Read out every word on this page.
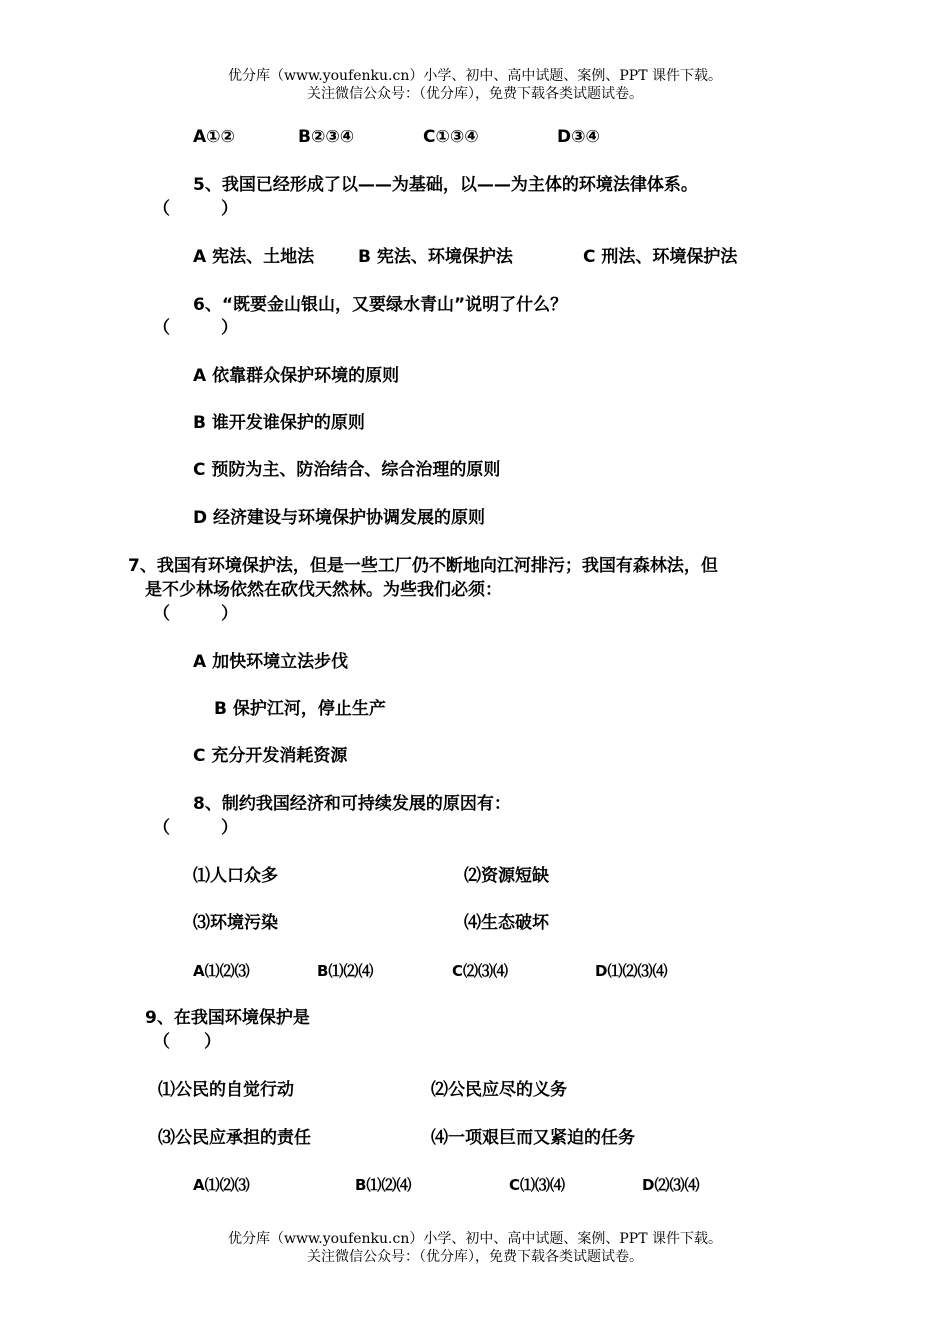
优分库（www.youfenku.cn）小学、初中、高中试题、案例、PPT 课件下载。
关注微信公众号：（优分库），免费下载各类试题试卷。
A①②	B②③④	C①③④	D③④
5、我国已经形成了以——为基础，以——为主体的环境法律体系。
（　　　）
A 宪法、土地法	B 宪法、环境保护法	C 刑法、环境保护法
6、“既要金山银山，又要绿水青山”说明了什么？
（　　　）
A 依靠群众保护环境的原则
B 谁开发谁保护的原则
C 预防为主、防治结合、综合治理的原则
D 经济建设与环境保护协调发展的原则
7、我国有环境保护法，但是一些工厂仍不断地向江河排污；我国有森林法，但
是不少林场依然在砍伐天然林。为些我们必须：
（　　　）
A 加快环境立法步伐
B 保护江河，停止生产
C 充分开发消耗资源
8、制约我国经济和可持续发展的原因有：
（　　　）
⑴人口众多	⑵资源短缺
⑶环境污染	⑷生态破坏
A⑴⑵⑶	B⑴⑵⑷	C⑵⑶⑷	D⑴⑵⑶⑷
9、在我国环境保护是
（　　）
⑴公民的自觉行动	⑵公民应尽的义务
⑶公民应承担的责任	⑷一项艰巨而又紧迫的任务
A⑴⑵⑶	B⑴⑵⑷	C⑴⑶⑷	D⑵⑶⑷
优分库（www.youfenku.cn）小学、初中、高中试题、案例、PPT 课件下载。
关注微信公众号：（优分库），免费下载各类试题试卷。
